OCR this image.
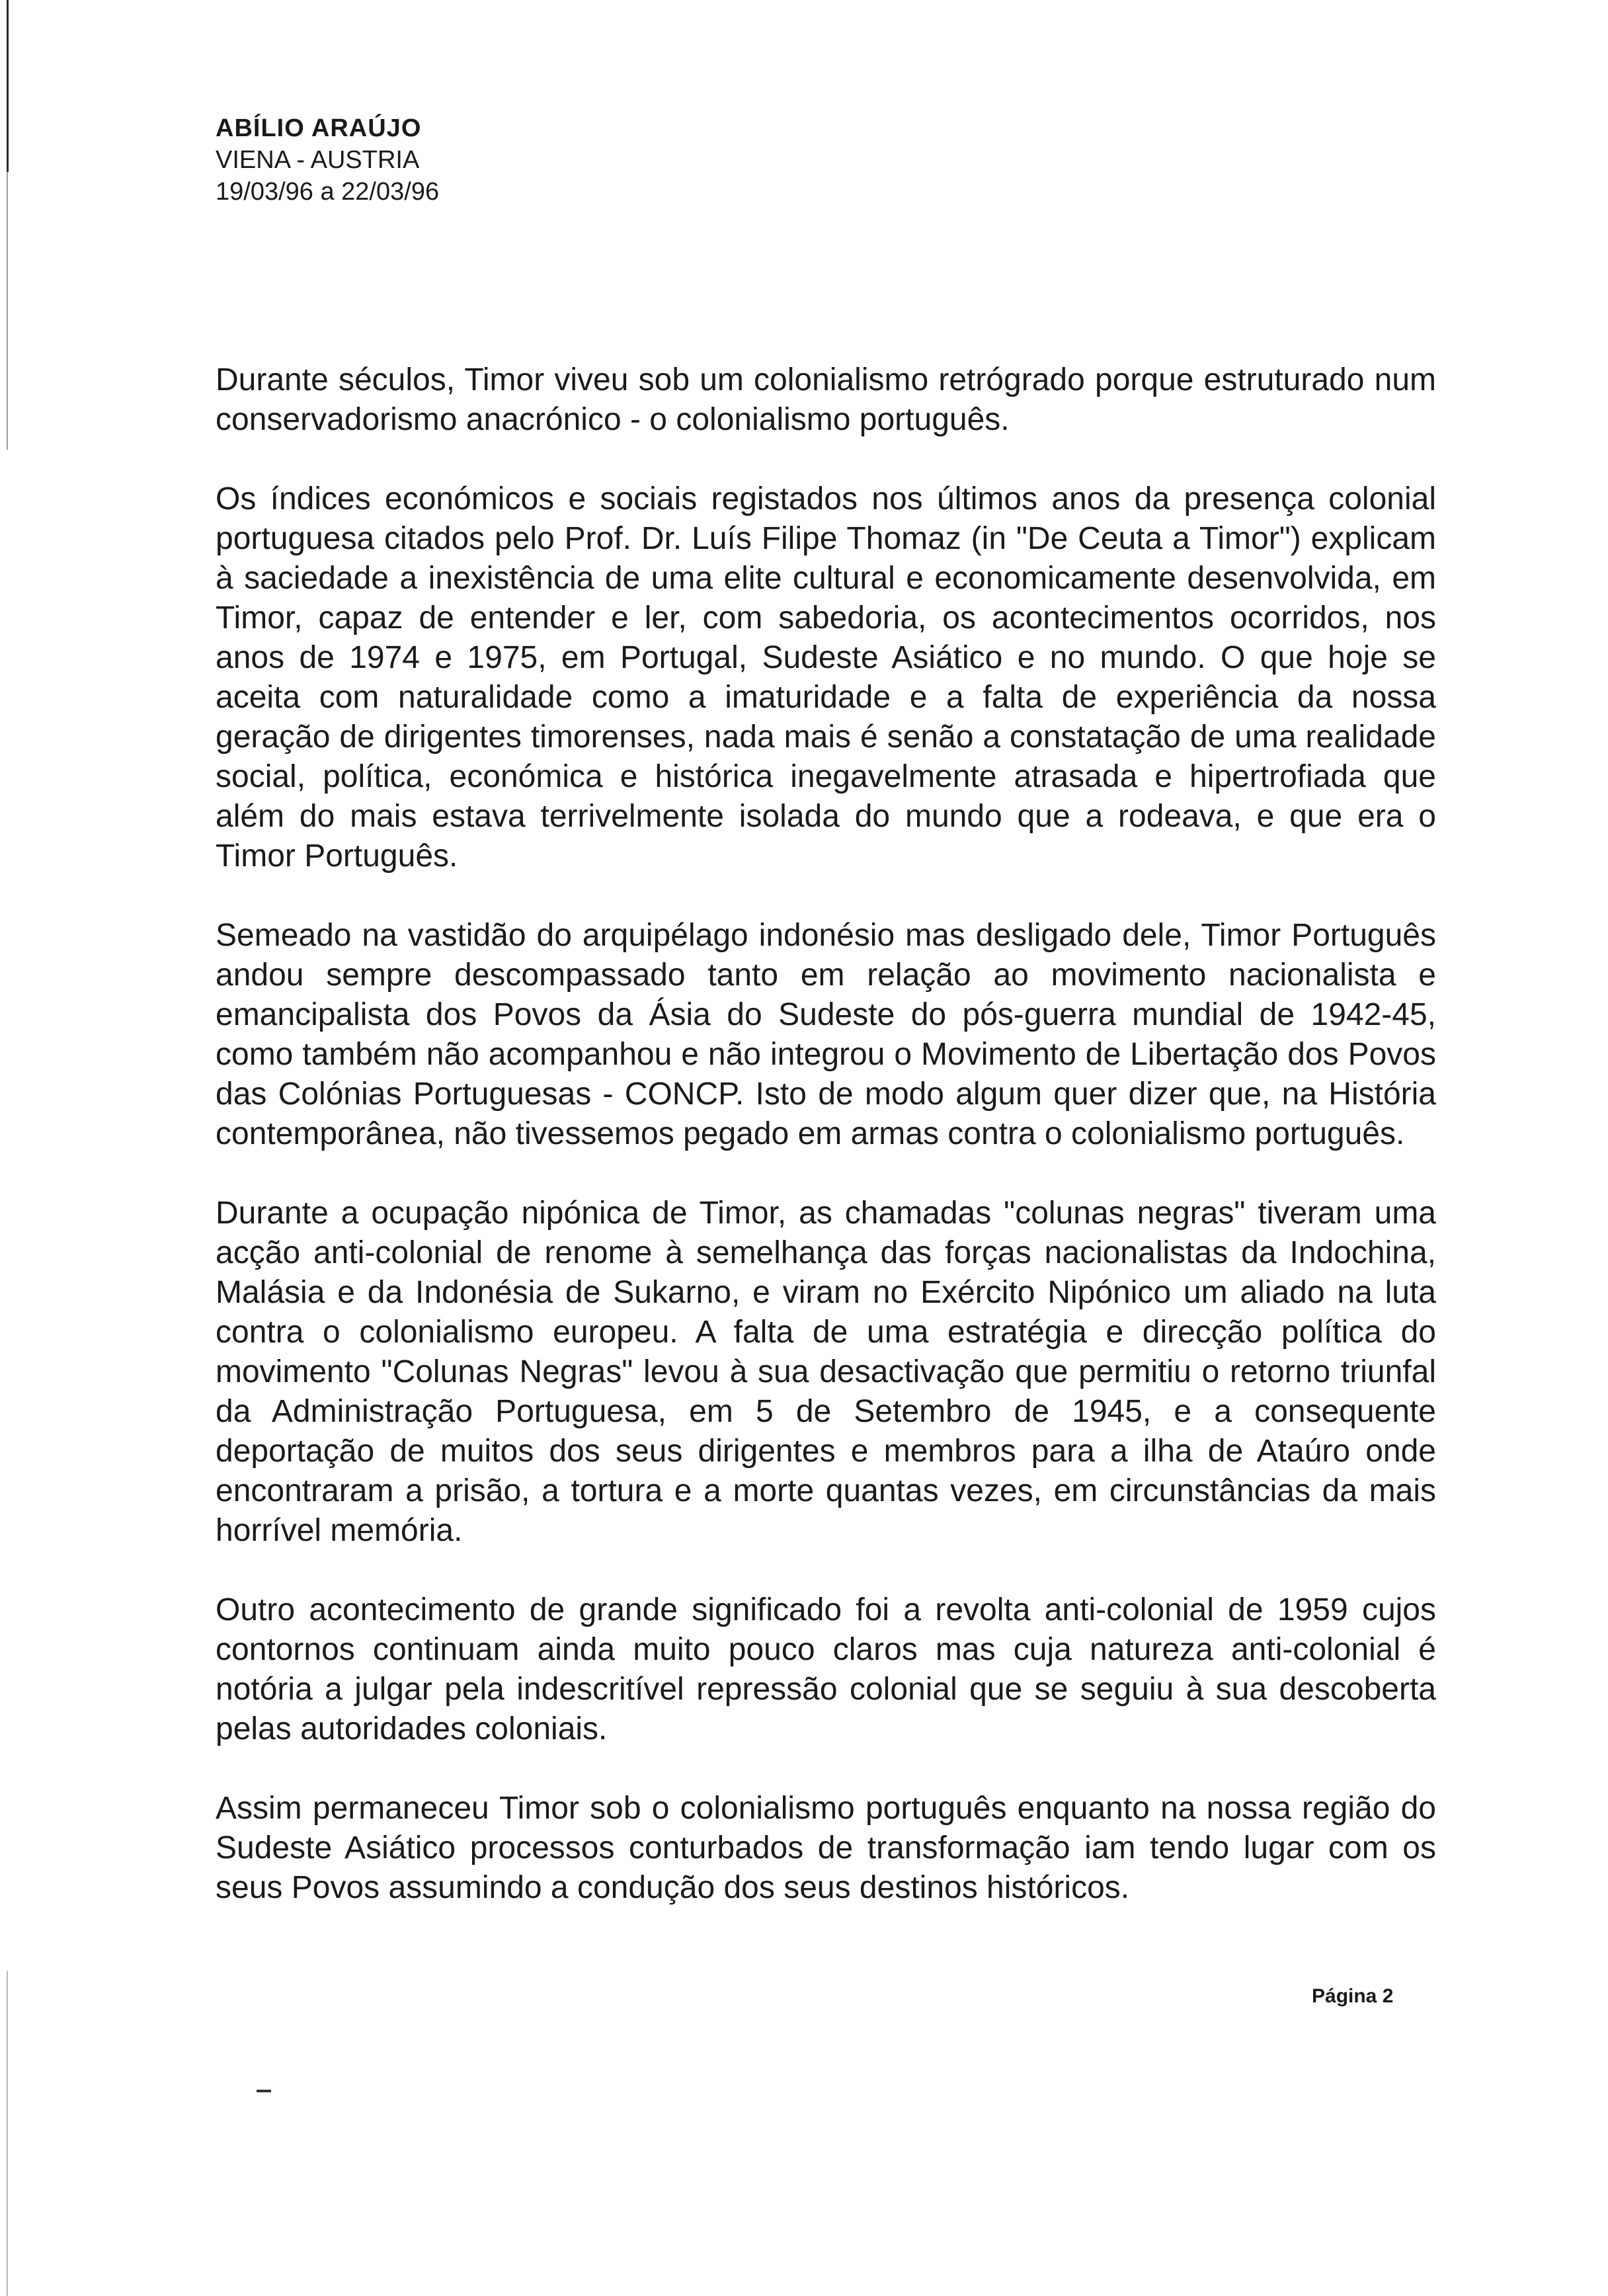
ABÍLIO ARAÚJO
VIENA - AUSTRIA
19/03/96 a 22/03/96

Durante séculos, Timor viveu sob um colonialismo retrógrado porque estruturado num conservadorismo anacrónico - o colonialismo português.

Os índices económicos e sociais registados nos últimos anos da presença colonial portuguesa citados pelo Prof. Dr. Luís Filipe Thomaz (in "De Ceuta a Timor") explicam à saciedade a inexistência de uma elite cultural e economicamente desenvolvida, em Timor, capaz de entender e ler, com sabedoria, os acontecimentos ocorridos, nos anos de 1974 e 1975, em Portugal, Sudeste Asiático e no mundo. O que hoje se aceita com naturalidade como a imaturidade e a falta de experiência da nossa geração de dirigentes timorenses, nada mais é senão a constatação de uma realidade social, política, económica e histórica inegavelmente atrasada e hipertrofiada que além do mais estava terrivelmente isolada do mundo que a rodeava, e que era o Timor Português.

Semeado na vastidão do arquipélago indonésio mas desligado dele, Timor Português andou sempre descompassado tanto em relação ao movimento nacionalista e emancipalista dos Povos da Ásia do Sudeste do pós-guerra mundial de 1942-45, como também não acompanhou e não integrou o Movimento de Libertação dos Povos das Colónias Portuguesas - CONCP. Isto de modo algum quer dizer que, na História contemporânea, não tivessemos pegado em armas contra o colonialismo português.

Durante a ocupação nipónica de Timor, as chamadas "colunas negras" tiveram uma acção anti-colonial de renome à semelhança das forças nacionalistas da Indochina, Malásia e da Indonésia de Sukarno, e viram no Exército Nipónico um aliado na luta contra o colonialismo europeu. A falta de uma estratégia e direcção política do movimento "Colunas Negras" levou à sua desactivação que permitiu o retorno triunfal da Administração Portuguesa, em 5 de Setembro de 1945, e a consequente deportação de muitos dos seus dirigentes e membros para a ilha de Ataúro onde encontraram a prisão, a tortura e a morte quantas vezes, em circunstâncias da mais horrível memória.

Outro acontecimento de grande significado foi a revolta anti-colonial de 1959 cujos contornos continuam ainda muito pouco claros mas cuja natureza anti-colonial é notória a julgar pela indescritível repressão colonial que se seguiu à sua descoberta pelas autoridades coloniais.

Assim permaneceu Timor sob o colonialismo português enquanto na nossa região do Sudeste Asiático processos conturbados de transformação iam tendo lugar com os seus Povos assumindo a condução dos seus destinos históricos.

Página 2
